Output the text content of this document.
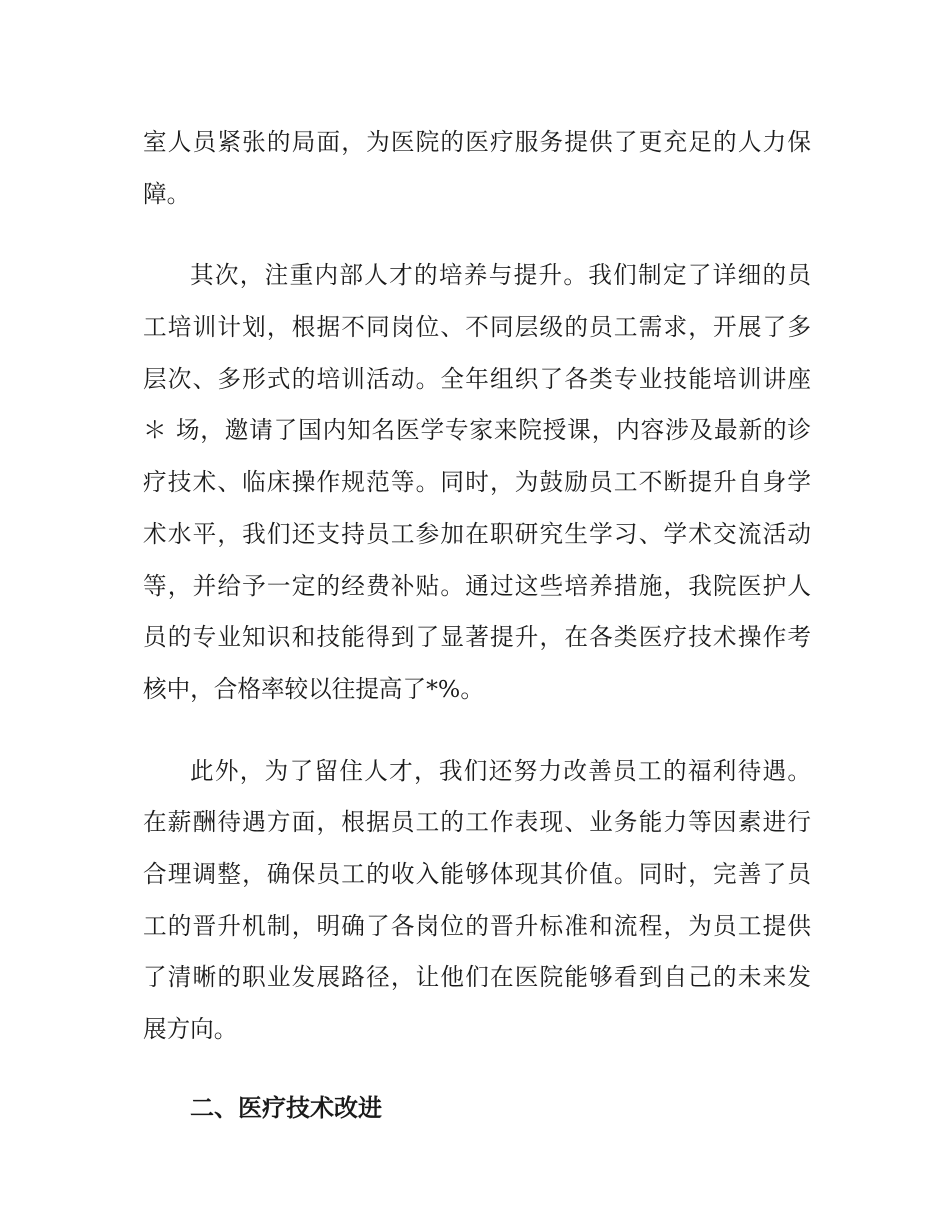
室人员紧张的局面，为医院的医疗服务提供了更充足的人力保
障。
其次，注重内部人才的培养与提升。我们制定了详细的员
工培训计划，根据不同岗位、不同层级的员工需求，开展了多
层次、多形式的培训活动。全年组织了各类专业技能培训讲座
＊ 场，邀请了国内知名医学专家来院授课，内容涉及最新的诊
疗技术、临床操作规范等。同时，为鼓励员工不断提升自身学
术水平，我们还支持员工参加在职研究生学习、学术交流活动
等，并给予一定的经费补贴。通过这些培养措施，我院医护人
员的专业知识和技能得到了显著提升，在各类医疗技术操作考
核中，合格率较以往提高了*%。
此外，为了留住人才，我们还努力改善员工的福利待遇。
在薪酬待遇方面，根据员工的工作表现、业务能力等因素进行
合理调整，确保员工的收入能够体现其价值。同时，完善了员
工的晋升机制，明确了各岗位的晋升标准和流程，为员工提供
了清晰的职业发展路径，让他们在医院能够看到自己的未来发
展方向。
二、医疗技术改进
